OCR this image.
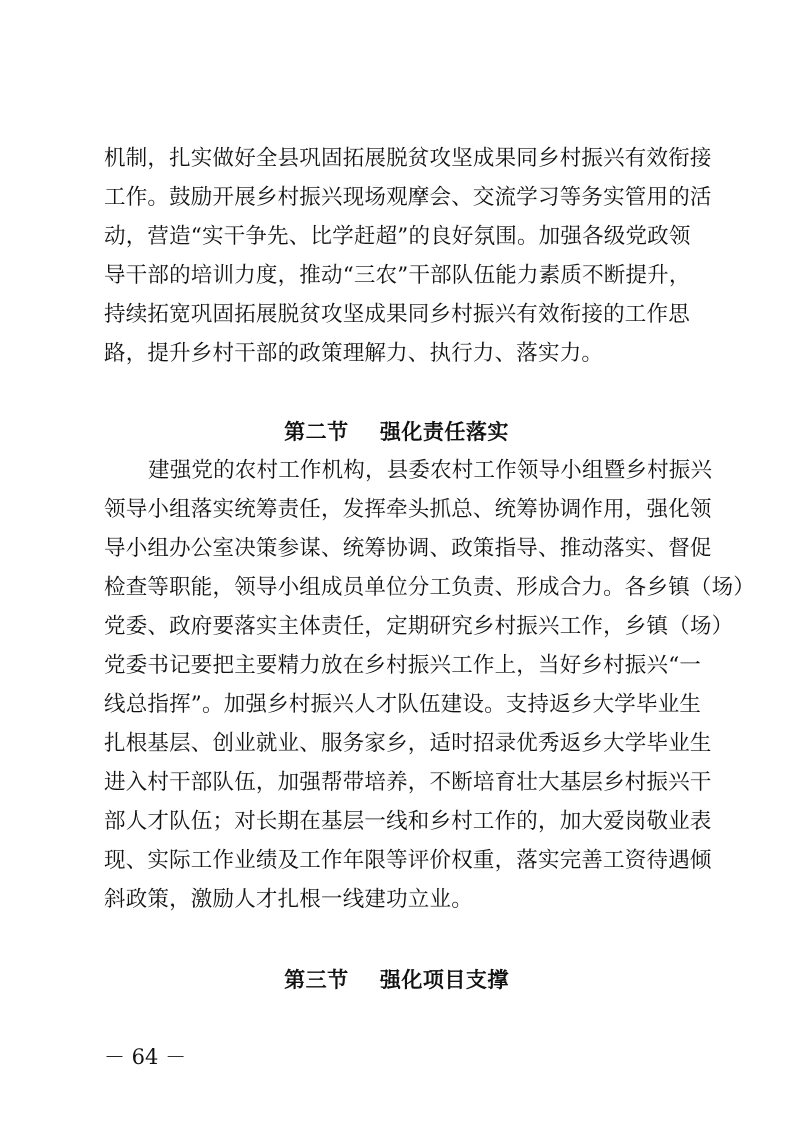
机制，扎实做好全县巩固拓展脱贫攻坚成果同乡村振兴有效衔接
工作。鼓励开展乡村振兴现场观摩会、交流学习等务实管用的活
动，营造“实干争先、比学赶超”的良好氛围。加强各级党政领
导干部的培训力度，推动“三农”干部队伍能力素质不断提升，
持续拓宽巩固拓展脱贫攻坚成果同乡村振兴有效衔接的工作思
路，提升乡村干部的政策理解力、执行力、落实力。
第二节    强化责任落实
建强党的农村工作机构，县委农村工作领导小组暨乡村振兴
领导小组落实统筹责任，发挥牵头抓总、统筹协调作用，强化领
导小组办公室决策参谋、统筹协调、政策指导、推动落实、督促
检查等职能，领导小组成员单位分工负责、形成合力。各乡镇（场）
党委、政府要落实主体责任，定期研究乡村振兴工作，乡镇（场）
党委书记要把主要精力放在乡村振兴工作上，当好乡村振兴“一
线总指挥”。加强乡村振兴人才队伍建设。支持返乡大学毕业生
扎根基层、创业就业、服务家乡，适时招录优秀返乡大学毕业生
进入村干部队伍，加强帮带培养，不断培育壮大基层乡村振兴干
部人才队伍；对长期在基层一线和乡村工作的，加大爱岗敬业表
现、实际工作业绩及工作年限等评价权重，落实完善工资待遇倾
斜政策，激励人才扎根一线建功立业。
第三节    强化项目支撑
－ 64 －
